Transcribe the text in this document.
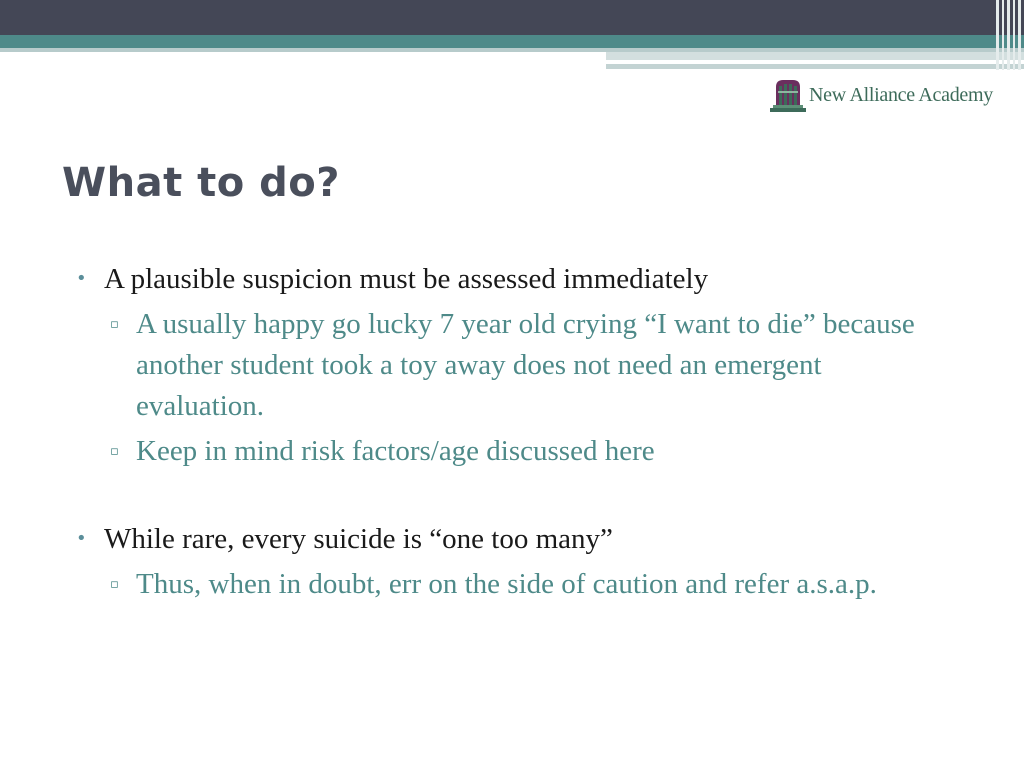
New Alliance Academy
What to do?

• A plausible suspicion must be assessed immediately

▫ A usually happy go lucky 7 year old crying “I want to die” because another student took a toy away does not need an emergent evaluation.

▫ Keep in mind risk factors/age discussed here

• While rare, every suicide is “one too many”

▫ Thus, when in doubt, err on the side of caution and refer a.s.a.p.
